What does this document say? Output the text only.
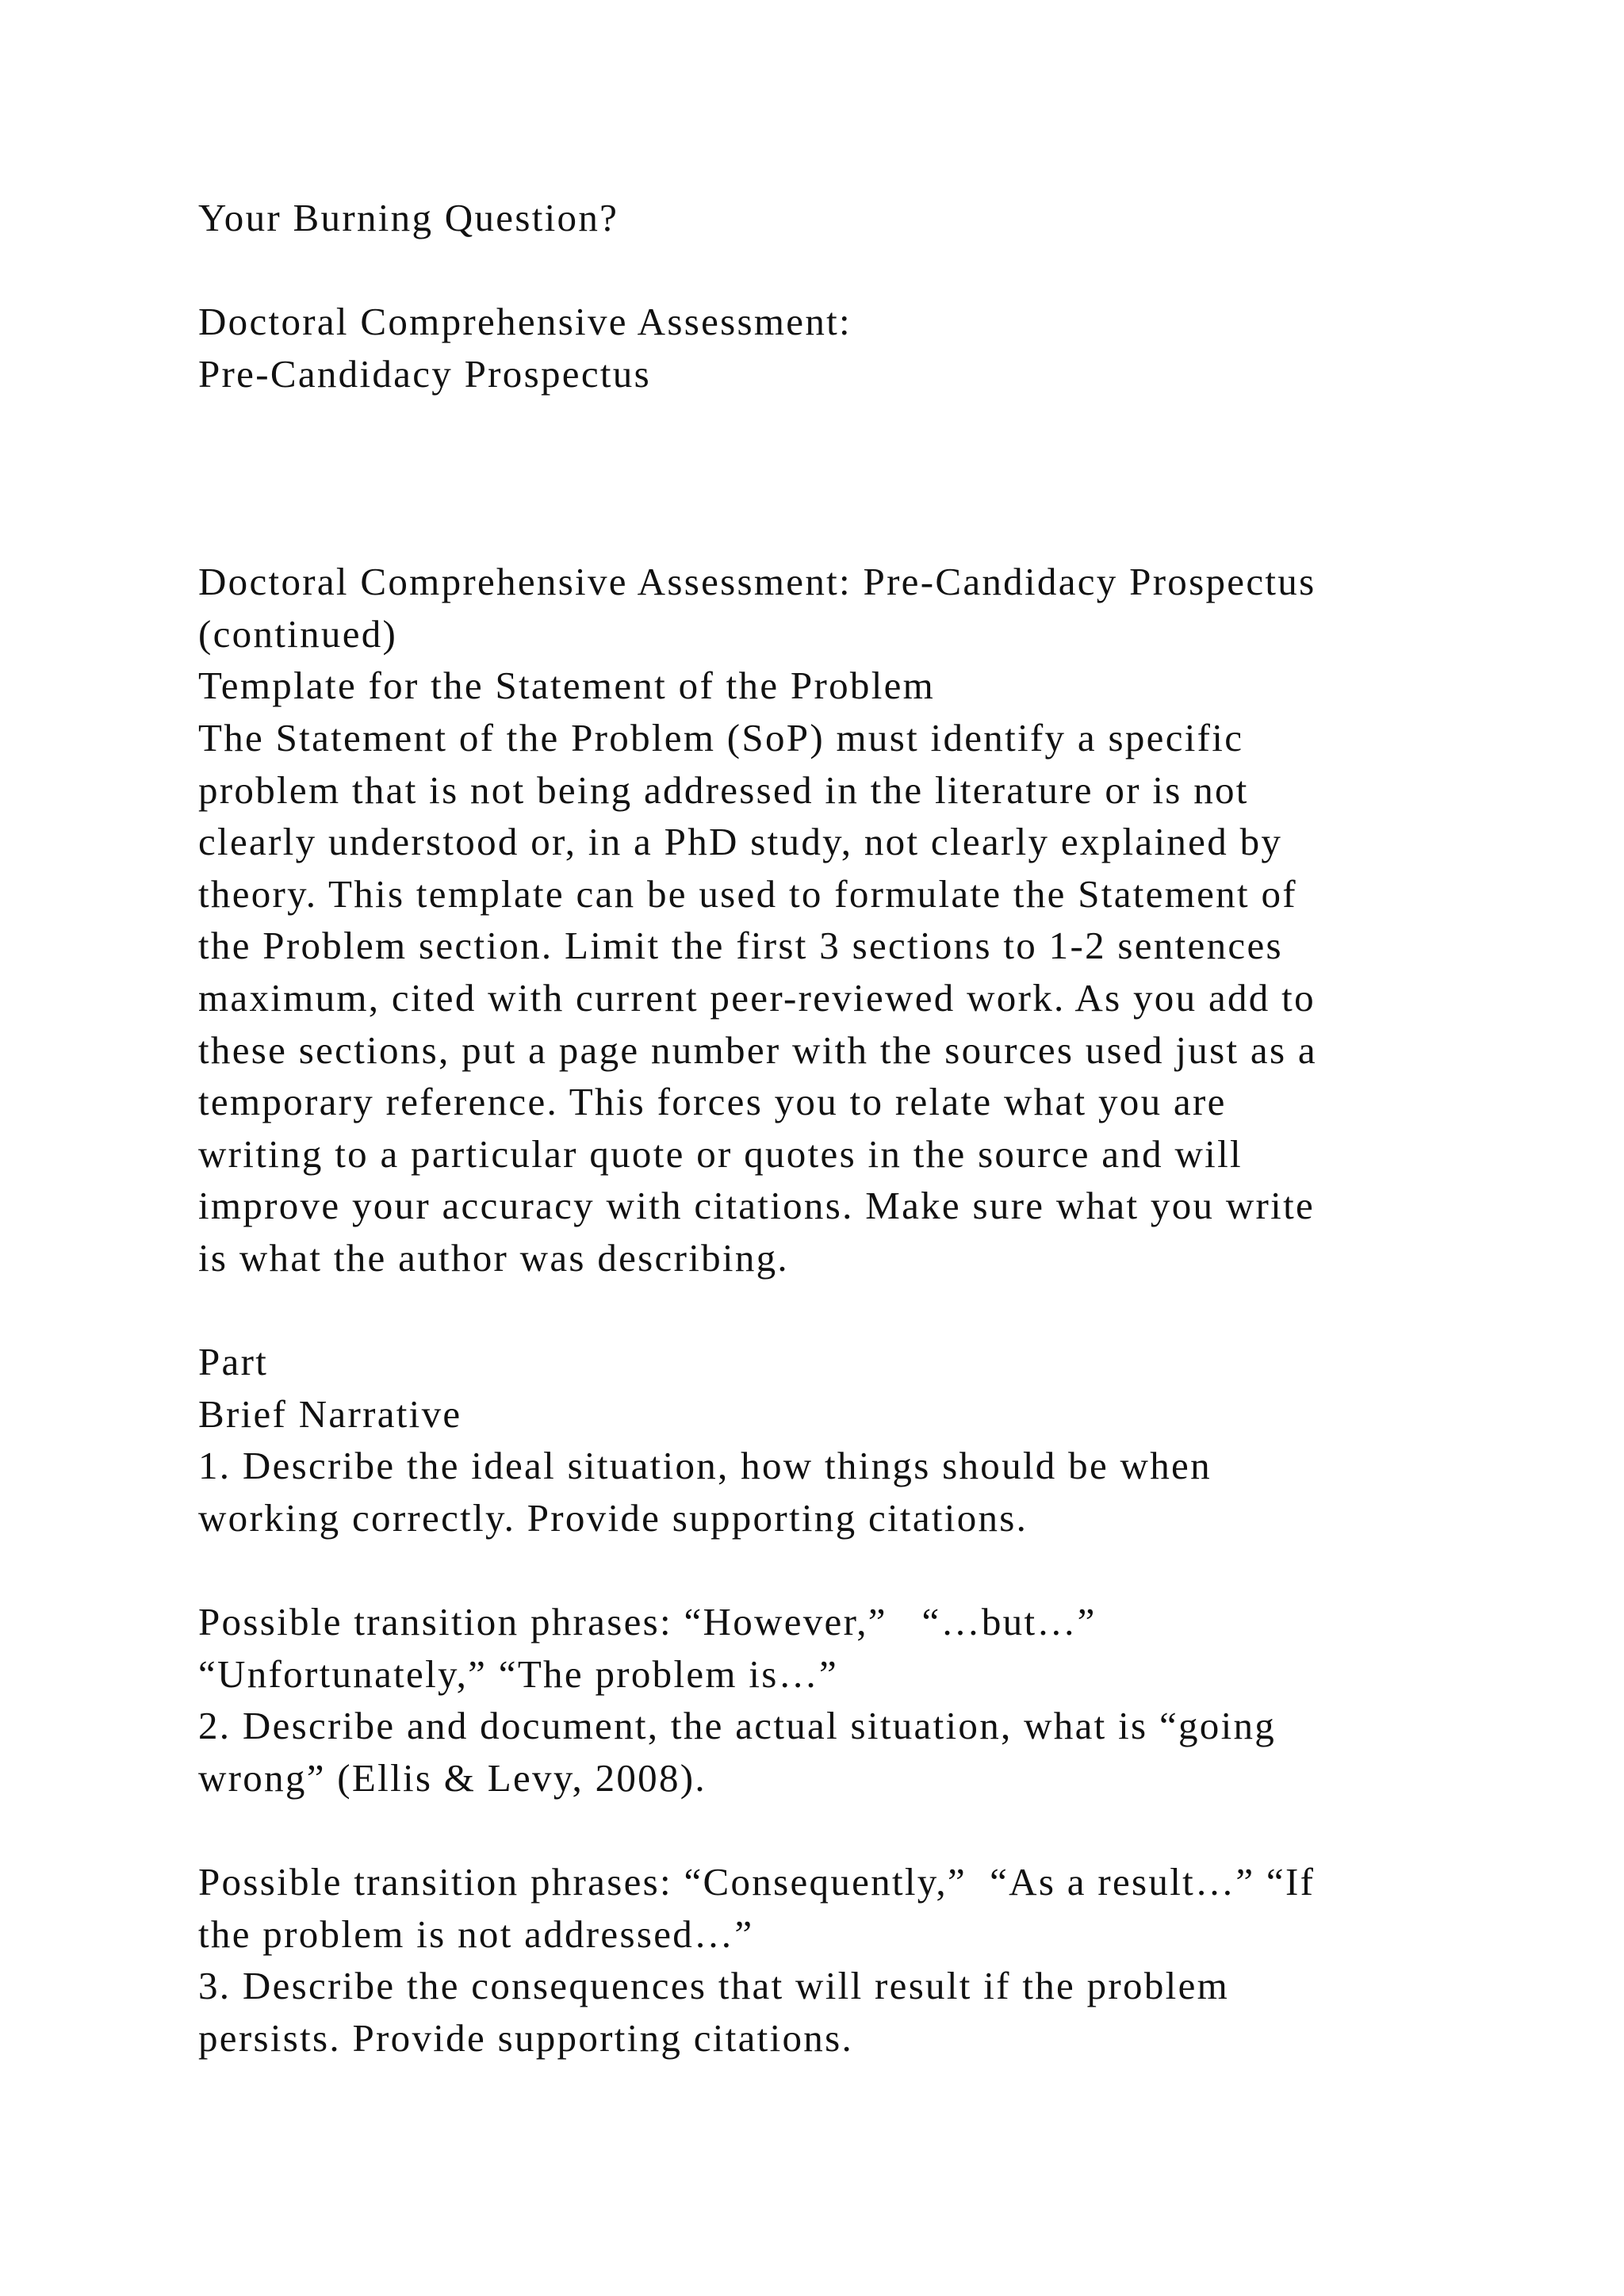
Your Burning Question?
Doctoral Comprehensive Assessment:
Pre-Candidacy Prospectus
Doctoral Comprehensive Assessment: Pre-Candidacy Prospectus
(continued)
Template for the Statement of the Problem
The Statement of the Problem (SoP) must identify a specific
problem that is not being addressed in the literature or is not
clearly understood or, in a PhD study, not clearly explained by
theory. This template can be used to formulate the Statement of
the Problem section. Limit the first 3 sections to 1-2 sentences
maximum, cited with current peer-reviewed work. As you add to
these sections, put a page number with the sources used just as a
temporary reference. This forces you to relate what you are
writing to a particular quote or quotes in the source and will
improve your accuracy with citations. Make sure what you write
is what the author was describing.
Part
Brief Narrative
1. Describe the ideal situation, how things should be when
working correctly. Provide supporting citations.
Possible transition phrases: “However,”   “…but…”
“Unfortunately,” “The problem is…”
2. Describe and document, the actual situation, what is “going
wrong” (Ellis & Levy, 2008).
Possible transition phrases: “Consequently,”  “As a result…” “If
the problem is not addressed…”
3. Describe the consequences that will result if the problem
persists. Provide supporting citations.
